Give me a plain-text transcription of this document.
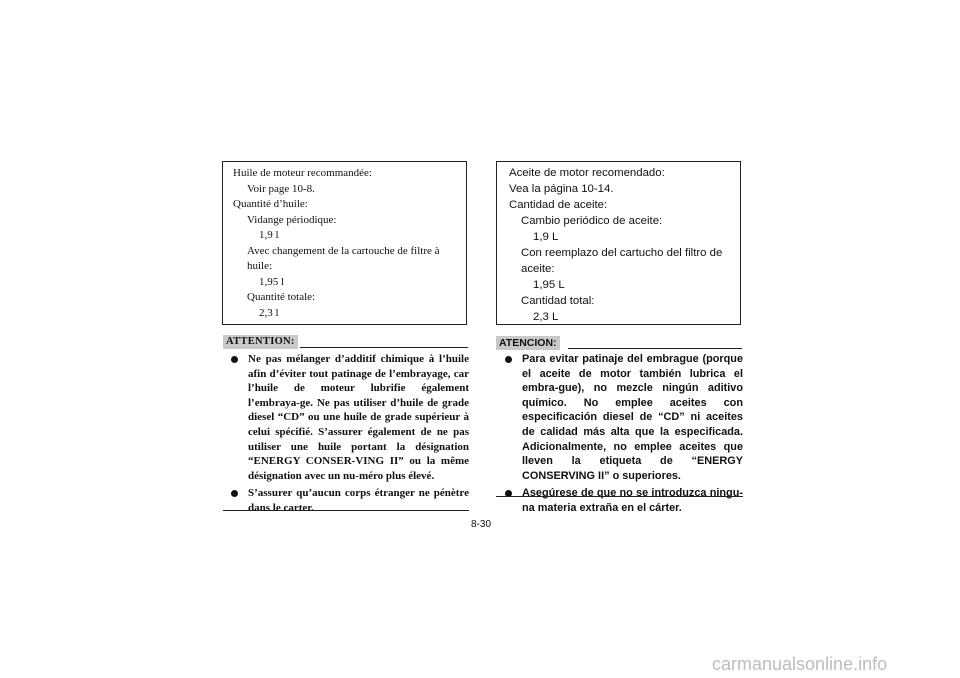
Huile de moteur recommandée:
Voir page 10-8.
Quantité d’huile:
Vidange périodique:
1,9 l
Avec changement de la cartouche de filtre à huile:
1,95 l
Quantité totale:
2,3 l
Aceite de motor recomendado:
Vea la página 10-14.
Cantidad de aceite:
Cambio periódico de aceite:
1,9 L
Con reemplazo del cartucho del filtro de aceite:
1,95 L
Cantidad total:
2,3 L
ATTENTION:	ATENCION:
Ne pas mélanger d’additif chimique à l’huile afin d’éviter tout patinage de l’embrayage, car l’huile de moteur lubrifie également l’embraya-ge. Ne pas utiliser d’huile de grade diesel “CD” ou une huile de grade supérieur à celui spécifié. S’assurer également de ne pas utiliser une huile portant la désignation “ENERGY CONSER-VING II” ou la même désignation avec un nu-méro plus élevé.
S’assurer qu’aucun corps étranger ne pénètre dans le carter.
Para evitar patinaje del embrague (porque el aceite de motor también lubrica el embra-gue), no mezcle ningún aditivo químico. No emplee aceites con especificación diesel de “CD” ni aceites de calidad más alta que la especificada. Adicionalmente, no emplee aceites que lleven la etiqueta de “ENERGY CONSERVING II” o superiores.
Asegúrese de que no se introduzca ningu-na materia extraña en el cárter.
8-30
carmanualsonline.info
